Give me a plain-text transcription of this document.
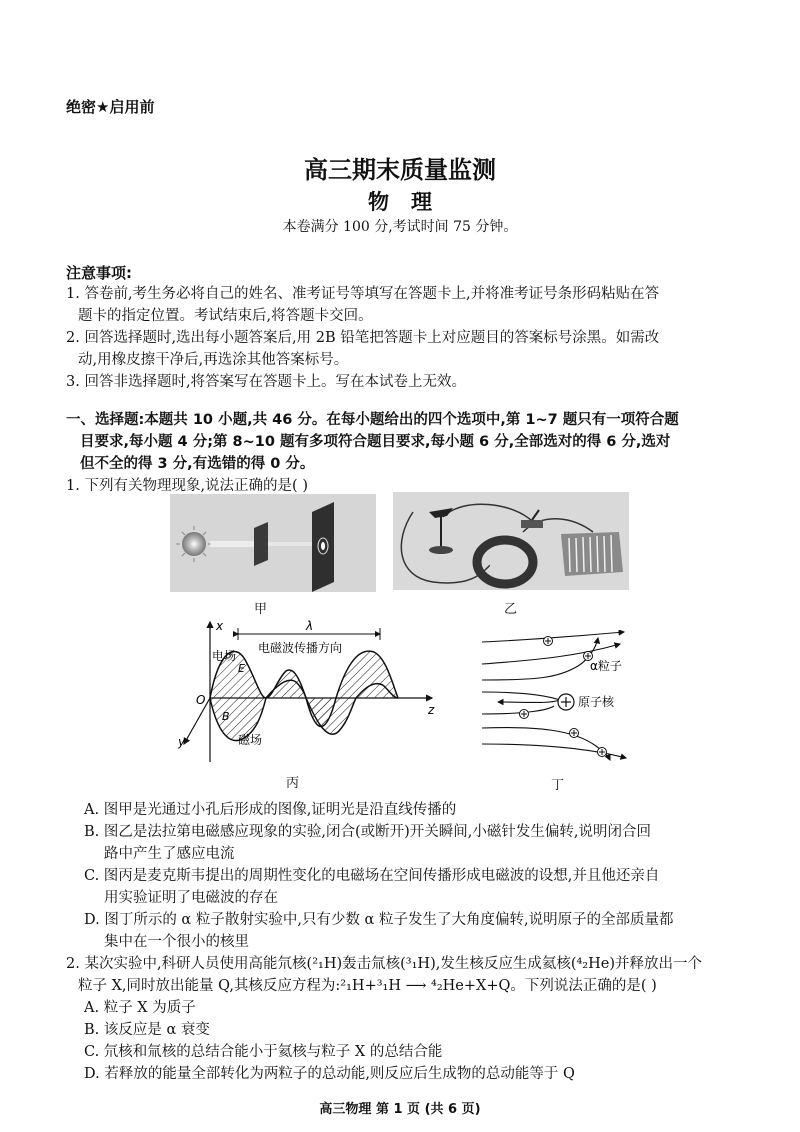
绝密★启用前
高三期末质量监测
物理
本卷满分 100 分,考试时间 75 分钟。
注意事项:
1. 答卷前,考生务必将自己的姓名、准考证号等填写在答题卡上,并将准考证号条形码粘贴在答
题卡的指定位置。考试结束后,将答题卡交回。
2. 回答选择题时,选出每小题答案后,用 2B 铅笔把答题卡上对应题目的答案标号涂黑。如需改
动,用橡皮擦干净后,再选涂其他答案标号。
3. 回答非选择题时,将答案写在答题卡上。写在本试卷上无效。
一、选择题:本题共 10 小题,共 46 分。在每小题给出的四个选项中,第 1~7 题只有一项符合题
目要求,每小题 4 分;第 8~10 题有多项符合题目要求,每小题 6 分,全部选对的得 6 分,选对
但不全的得 3 分,有选错的得 0 分。
1. 下列有关物理现象,说法正确的是( )
甲	乙
x	λ
电磁波传播方向
电场
E
O
B	z
y	磁场
丙
α粒子
原子核
丁
A. 图甲是光通过小孔后形成的图像,证明光是沿直线传播的
B. 图乙是法拉第电磁感应现象的实验,闭合(或断开)开关瞬间,小磁针发生偏转,说明闭合回
路中产生了感应电流
C. 图丙是麦克斯韦提出的周期性变化的电磁场在空间传播形成电磁波的设想,并且他还亲自
用实验证明了电磁波的存在
D. 图丁所示的 α 粒子散射实验中,只有少数 α 粒子发生了大角度偏转,说明原子的全部质量都
集中在一个很小的核里
2. 某次实验中,科研人员使用高能氘核(²₁H)轰击氚核(³₁H),发生核反应生成氦核(⁴₂He)并释放出一个
粒子 X,同时放出能量 Q,其核反应方程为:²₁H+³₁H ⟶ ⁴₂He+X+Q。下列说法正确的是( )
A. 粒子 X 为质子
B. 该反应是 α 衰变
C. 氘核和氚核的总结合能小于氦核与粒子 X 的总结合能
D. 若释放的能量全部转化为两粒子的总动能,则反应后生成物的总动能等于 Q
高三物理 第 1 页 (共 6 页)
